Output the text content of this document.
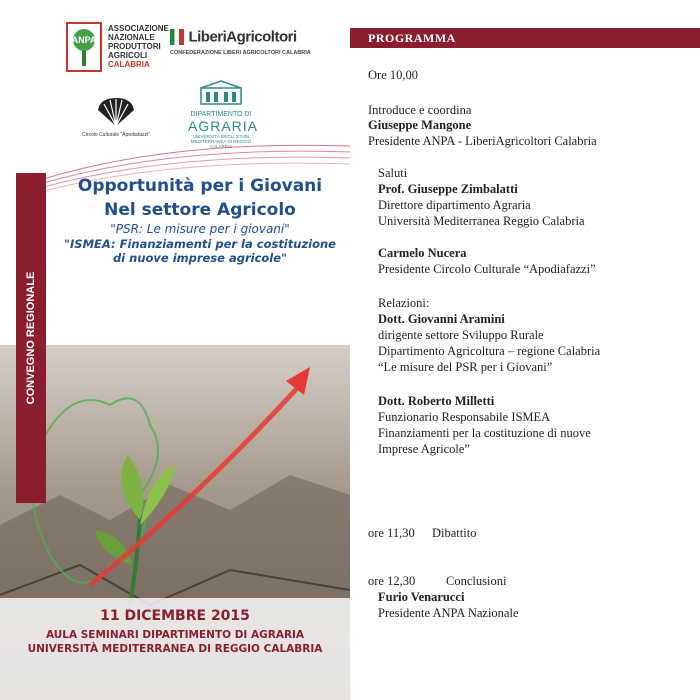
ANPA
ASSOCIAZIONE
NAZIONALE
PRODUTTORI
AGRICOLI
CALABRIA
LiberiAgricoltori
CONFEDERAZIONE LIBERI AGRICOLTORI CALABRIA
Circolo Culturale "Apodiafazzi"
DIPARTIMENTO DI
AGRARIA
UNIVERSITÀ DEGLI STUDI MEDITERRANEA DI REGGIO CALABRIA
CONVEGNO REGIONALE
Opportunità per i Giovani
Nel settore Agricolo
"PSR: Le misure per i giovani"
"ISMEA: Finanziamenti per la costituzione
di nuove imprese agricole"
11 DICEMBRE 2015
AULA SEMINARI DIPARTIMENTO DI AGRARIA
UNIVERSITÀ MEDITERRANEA DI REGGIO CALABRIA
PROGRAMMA
Ore 10,00
Introduce e coordina
Giuseppe Mangone
Presidente ANPA - LiberiAgricoltori Calabria
Saluti
Prof. Giuseppe Zimbalatti
Direttore dipartimento Agraria
Università Mediterranea Reggio Calabria
Carmelo Nucera
Presidente Circolo Culturale “Apodiafazzi”
Relazioni:
Dott. Giovanni Aramini
dirigente settore Sviluppo Rurale
Dipartimento Agricoltura – regione Calabria
“Le misure del PSR per i Giovani”
Dott. Roberto Milletti
Funzionario Responsabile ISMEA
Finanziamenti per la costituzione di nuove
Imprese Agricole”
ore 11,30 Dibattito
ore 12,30 Conclusioni
Furio Venarucci
Presidente ANPA Nazionale
